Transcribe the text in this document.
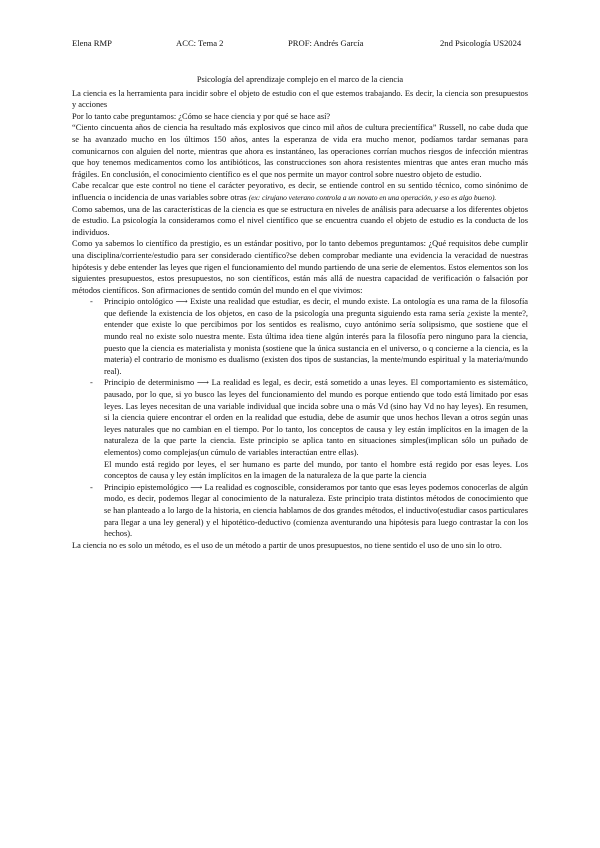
Elena RMP	ACC: Tema 2	PROF: Andrés García	2nd Psicología US2024

Psicología del aprendizaje complejo en el marco de la ciencia

La ciencia es la herramienta para incidir sobre el objeto de estudio con el que estemos trabajando. Es decir, la ciencia son presupuestos y acciones

Por lo tanto cabe preguntamos: ¿Cómo se hace ciencia y por qué se hace así?

“Ciento cincuenta años de ciencia ha resultado más explosivos que cinco mil años de cultura precientífica” Russell, no cabe duda que se ha avanzado mucho en los últimos 150 años, antes la esperanza de vida era mucho menor, podíamos tardar semanas para comunicarnos con alguien del norte, mientras que ahora es instantáneo, las operaciones corrían muchos riesgos de infección mientras que hoy tenemos medicamentos como los antibióticos, las construcciones son ahora resistentes mientras que antes eran mucho más frágiles. En conclusión, el conocimiento científico es el que nos permite un mayor control sobre nuestro objeto de estudio.

Cabe recalcar que este control no tiene el carácter peyorativo, es decir, se entiende control en su sentido técnico, como sinónimo de influencia o incidencia de unas variables sobre otras (ex: cirujano veterano controla a un novato en una operación, y eso es algo bueno).

Como sabemos, una de las características de la ciencia es que se estructura en niveles de análisis para adecuarse a los diferentes objetos de estudio. La psicología la consideramos como el nivel científico que se encuentra cuando el objeto de estudio es la conducta de los individuos.

Como ya sabemos lo científico da prestigio, es un estándar positivo, por lo tanto debemos preguntamos: ¿Qué requisitos debe cumplir una disciplina/corriente/estudio para ser considerado científico?se deben comprobar mediante una evidencia la veracidad de nuestras hipótesis y debe entender las leyes que rigen el funcionamiento del mundo partiendo de una serie de elementos. Estos elementos son los siguientes presupuestos, estos presupuestos, no son científicos, están más allá de nuestra capacidad de verificación o falsación por métodos científicos. Son afirmaciones de sentido común del mundo en el que vivimos:

- Principio ontológico ⟶ Existe una realidad que estudiar, es decir, el mundo existe. La ontología es una rama de la filosofía que defiende la existencia de los objetos, en caso de la psicología una pregunta siguiendo esta rama sería ¿existe la mente?, entender que existe lo que percibimos por los sentidos es realismo, cuyo antónimo sería solipsismo, que sostiene que el mundo real no existe solo nuestra mente. Esta última idea tiene algún interés para la filosofía pero ninguno para la ciencia, puesto que la ciencia es materialista y monista (sostiene que la única sustancia en el universo, o q concierne a la ciencia, es la materia) el contrario de monismo es dualismo (existen dos tipos de sustancias, la mente/mundo espiritual y la materia/mundo real).

- Principio de determinismo ⟶ La realidad es legal, es decir, está sometido a unas leyes. El comportamiento es sistemático, pausado, por lo que, si yo busco las leyes del funcionamiento del mundo es porque entiendo que todo está limitado por esas leyes. Las leyes necesitan de una variable individual que incida sobre una o más Vd (sino hay Vd no hay leyes). En resumen, si la ciencia quiere encontrar el orden en la realidad que estudia, debe de asumir que unos hechos llevan a otros según unas leyes naturales que no cambian en el tiempo. Por lo tanto, los conceptos de causa y ley están implícitos en la imagen de la naturaleza de la que parte la ciencia. Este principio se aplica tanto en situaciones simples(implican sólo un puñado de elementos) como complejas(un cúmulo de variables interactúan entre ellas).

El mundo está regido por leyes, el ser humano es parte del mundo, por tanto el hombre está regido por esas leyes. Los conceptos de causa y ley están implícitos en la imagen de la naturaleza de la que parte la ciencia

- Principio epistemológico ⟶ La realidad es cognoscible, consideramos por tanto que esas leyes podemos conocerlas de algún modo, es decir, podemos llegar al conocimiento de la naturaleza. Este principio trata distintos métodos de conocimiento que se han planteado a lo largo de la historia, en ciencia hablamos de dos grandes métodos, el inductivo(estudiar casos particulares para llegar a una ley general) y el hipotético-deductivo (comienza aventurando una hipótesis para luego contrastar la con los hechos).

La ciencia no es solo un método, es el uso de un método a partir de unos presupuestos, no tiene sentido el uso de uno sin lo otro.
